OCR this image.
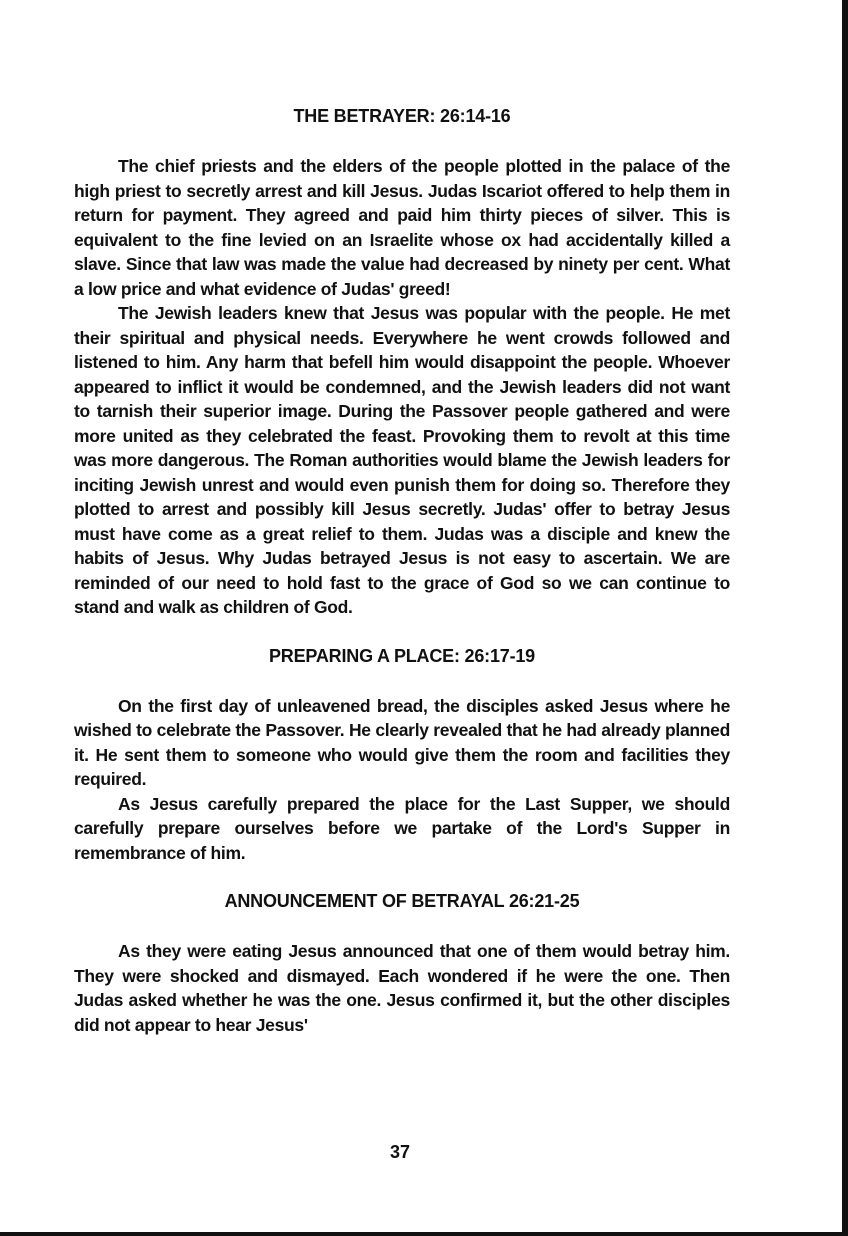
THE BETRAYER: 26:14-16

The chief priests and the elders of the people plotted in the palace of the high priest to secretly arrest and kill Jesus. Judas Iscariot offered to help them in return for payment. They agreed and paid him thirty pieces of silver. This is equivalent to the fine levied on an Israelite whose ox had accidentally killed a slave. Since that law was made the value had decreased by ninety per cent. What a low price and what evidence of Judas' greed!

The Jewish leaders knew that Jesus was popular with the people. He met their spiritual and physical needs. Everywhere he went crowds followed and listened to him. Any harm that befell him would disappoint the people. Whoever appeared to inflict it would be condemned, and the Jewish leaders did not want to tarnish their superior image. During the Passover people gathered and were more united as they celebrated the feast. Provoking them to revolt at this time was more dangerous. The Roman authorities would blame the Jewish leaders for inciting Jewish unrest and would even punish them for doing so. Therefore they plotted to arrest and possibly kill Jesus secretly. Judas' offer to betray Jesus must have come as a great relief to them. Judas was a disciple and knew the habits of Jesus. Why Judas betrayed Jesus is not easy to ascertain. We are reminded of our need to hold fast to the grace of God so we can continue to stand and walk as children of God.

PREPARING A PLACE: 26:17-19

On the first day of unleavened bread, the disciples asked Jesus where he wished to celebrate the Passover. He clearly revealed that he had already planned it. He sent them to someone who would give them the room and facilities they required.

As Jesus carefully prepared the place for the Last Supper, we should carefully prepare ourselves before we partake of the Lord's Supper in remembrance of him.

ANNOUNCEMENT OF BETRAYAL 26:21-25

As they were eating Jesus announced that one of them would betray him. They were shocked and dismayed. Each wondered if he were the one. Then Judas asked whether he was the one. Jesus confirmed it, but the other disciples did not appear to hear Jesus'

37
